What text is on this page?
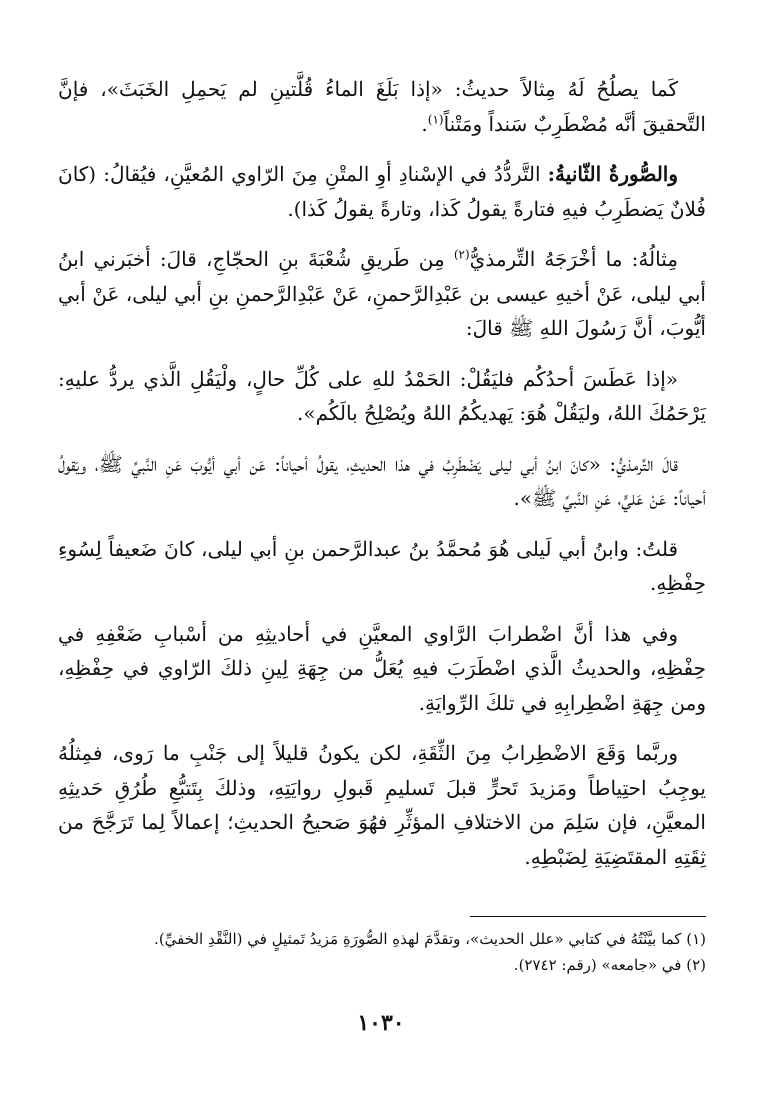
كَما يصلُحُ لَهُ مِثالاً حديثُ: «إذا بَلَغَ الماءُ قُلَّتينِ لم يَحمِلِ الخَبَثَ»، فإنَّ التَّحقيقَ أنَّه مُضْطَرِبٌ سَنداً ومَتْناً$^{(١)}$.

والصُّورةُ الثّانيةُ: التَّردُّدُ في الإسْنادِ أوِ المتْنِ مِنَ الرّاوي المُعيَّنِ، فيُقالُ: (كانَ فُلانٌ يَضطَرِبُ فيهِ فتارةً يقولُ كَذا، وتارةً يقولُ كَذا).

مِثالُهُ: ما أخْرَجَهُ التِّرمذيُّ$^{(٢)}$ مِن طَريقِ شُعْبَةَ بنِ الحجّاجِ، قالَ: أخبَرني ابنُ أبي ليلى، عَنْ أخيهِ عيسى بن عَبْدِالرَّحمنِ، عَنْ عَبْدِالرَّحمنِ بنِ أبي ليلى، عَنْ أبي أيُّوبَ، أنَّ رَسُولَ اللهِ ﷺ قالَ:

«إذا عَطَسَ أحدُكُم فليَقُلْ: الحَمْدُ للهِ على كُلِّ حالٍ، ولْيَقُلِ الَّذي يردُّ عليهِ: يَرْحَمُكَ اللهُ، وليَقُلْ هُوَ: يَهديكُمُ اللهُ ويُصْلِحُ بالَكُم».

قالَ التِّرمذيُّ: «كانَ ابنُ أبي ليلى يَضْطَرِبُ في هذا الحديثِ، يقولُ أحياناً: عَن أبي أيُّوبَ عَنِ النَّبيِّ ﷺ، ويَقولُ أحياناً: عَنْ عَليٍّ، عَنِ النَّبيِّ ﷺ».

قلتُ: وابنُ أبي لَيلى هُوَ مُحمَّدُ بنُ عبدالرَّحمن بنِ أبي ليلى، كانَ ضَعيفاً لِسُوءِ حِفْظِهِ.

وفي هذا أنَّ اضْطرابَ الرَّاوي المعيَّنِ في أحاديثِهِ من أسْبابِ ضَعْفِهِ في حِفْظِهِ، والحديثُ الَّذي اضْطَرَبَ فيهِ يُعَلُّ من جِهَةِ لِينِ ذلكَ الرّاوي في حِفْظِهِ، ومن جِهَةِ اضْطِرابِهِ في تلكَ الرِّوايَةِ.

وربَّما وَقَعَ الاضْطِرابُ مِنَ الثِّقَةِ، لكن يكونُ قليلاً إلى جَنْبِ ما رَوى، فمِثلُهُ يوجِبُ احتِياطاً ومَزيدَ تَحرٍّ قبلَ تَسليمِ قَبولِ روايَتِهِ، وذلكَ بِتَتبُّعِ طُرُقِ حَديثِهِ المعيَّنِ، فإن سَلِمَ من الاختلافِ المؤثِّرِ فهُوَ صَحيحُ الحديثِ؛ إعمالاً لِما تَرَجَّحَ من ثِقَتِهِ المقتَضِيَةِ لِضَبْطِهِ.

(١) كما بيَّنْتُهُ في كتابي «علل الحديث»، وتقدَّمَ لهذهِ الصُّورَةِ مَزيدُ تَمثيلٍ في (النَّقْدِ الخفيِّ).

(٢) في «جامعه» (رقم: ٢٧٤٢).

١٠٣٠
